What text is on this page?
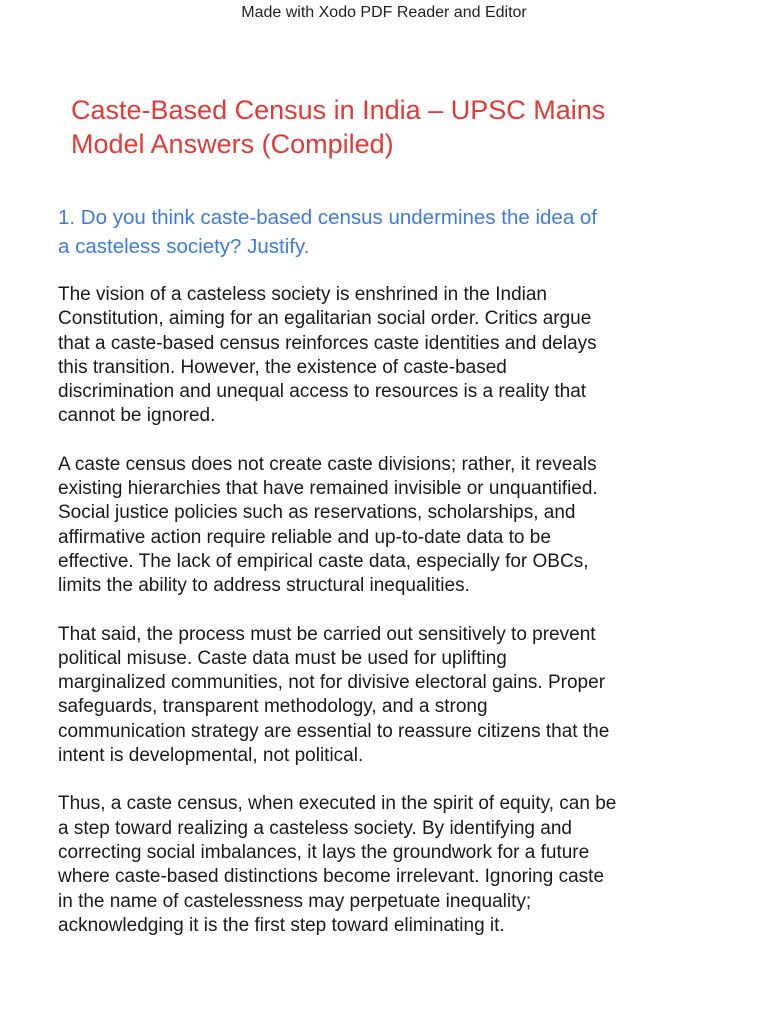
Made with Xodo PDF Reader and Editor
Caste-Based Census in India – UPSC Mains
Model Answers (Compiled)
1. Do you think caste-based census undermines the idea of
a casteless society? Justify.

The vision of a casteless society is enshrined in the Indian
Constitution, aiming for an egalitarian social order. Critics argue
that a caste-based census reinforces caste identities and delays
this transition. However, the existence of caste-based
discrimination and unequal access to resources is a reality that
cannot be ignored.

A caste census does not create caste divisions; rather, it reveals
existing hierarchies that have remained invisible or unquantified.
Social justice policies such as reservations, scholarships, and
affirmative action require reliable and up-to-date data to be
effective. The lack of empirical caste data, especially for OBCs,
limits the ability to address structural inequalities.

That said, the process must be carried out sensitively to prevent
political misuse. Caste data must be used for uplifting
marginalized communities, not for divisive electoral gains. Proper
safeguards, transparent methodology, and a strong
communication strategy are essential to reassure citizens that the
intent is developmental, not political.

Thus, a caste census, when executed in the spirit of equity, can be
a step toward realizing a casteless society. By identifying and
correcting social imbalances, it lays the groundwork for a future
where caste-based distinctions become irrelevant. Ignoring caste
in the name of castelessness may perpetuate inequality;
acknowledging it is the first step toward eliminating it.
